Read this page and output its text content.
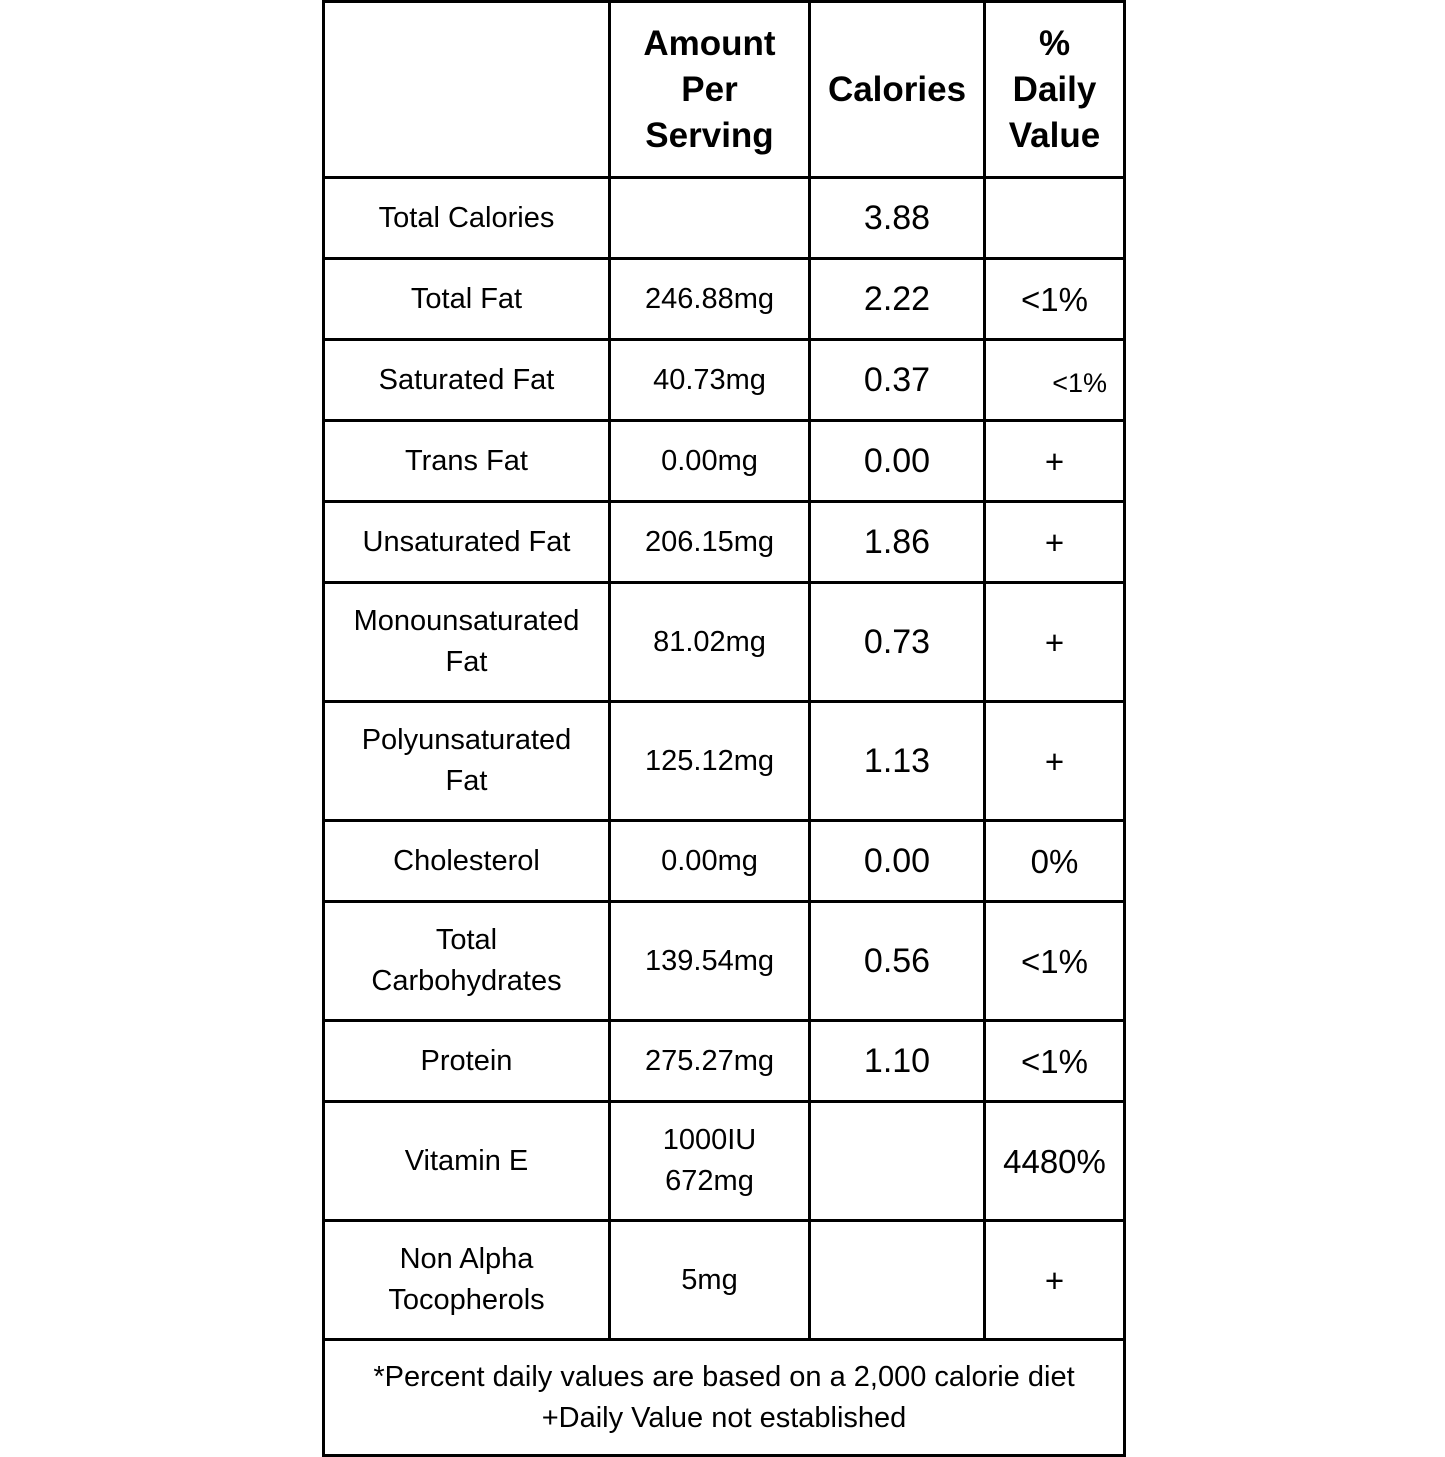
	Amount
Per
Serving	Calories	%
Daily
Value

Total Calories		3.88	

Total Fat	246.88mg	2.22	<1%

Saturated Fat	40.73mg	0.37	<1%

Trans Fat	0.00mg	0.00	+

Unsaturated Fat	206.15mg	1.86	+

Monounsaturated
Fat	81.02mg	0.73	+

Polyunsaturated
Fat	125.12mg	1.13	+

Cholesterol	0.00mg	0.00	0%

Total
Carbohydrates	139.54mg	0.56	<1%

Protein	275.27mg	1.10	<1%

Vitamin E	1000IU
672mg		4480%

Non Alpha
Tocopherols	5mg		+

*Percent daily values are based on a 2,000 calorie diet
+Daily Value not established			
